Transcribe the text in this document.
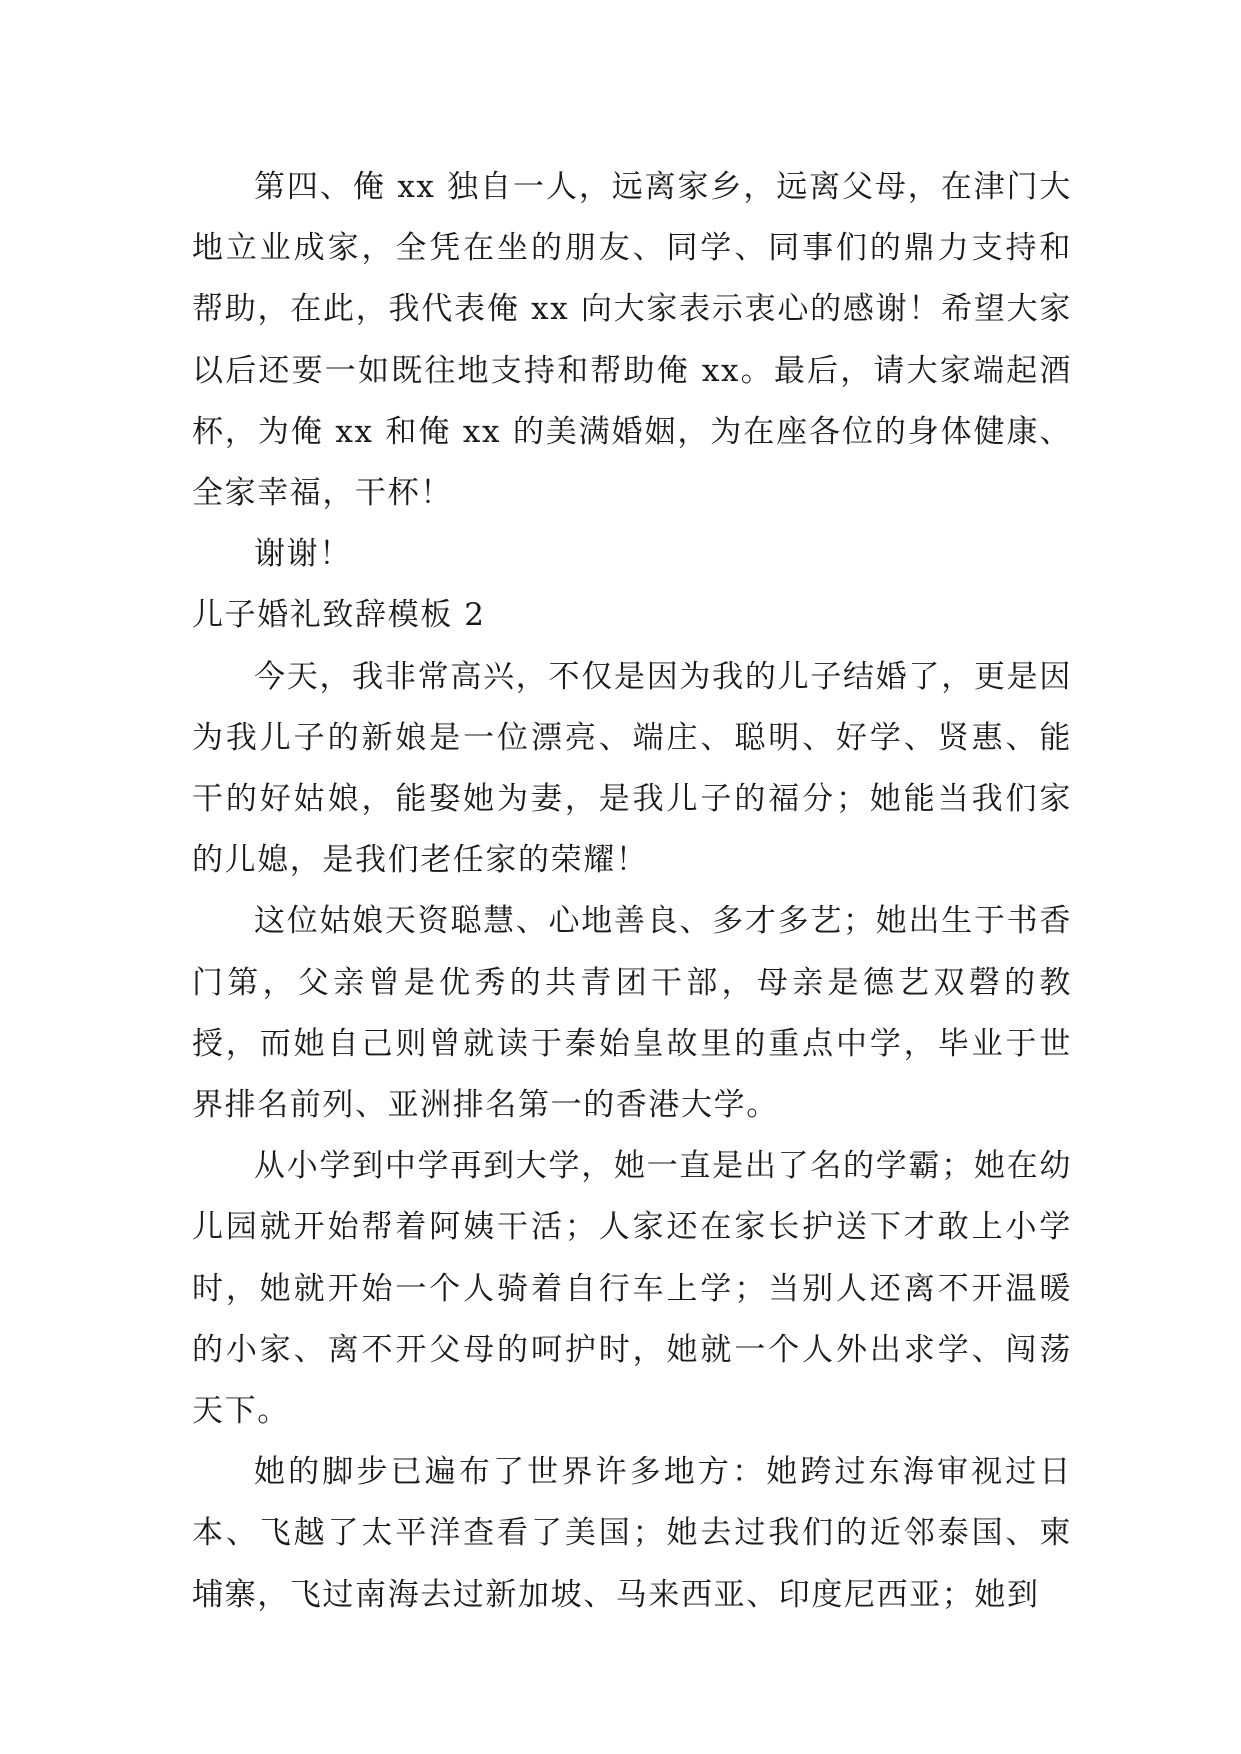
第四、俺 xx 独自一人，远离家乡，远离父母，在津门大地立业成家，全凭在坐的朋友、同学、同事们的鼎力支持和帮助，在此，我代表俺 xx 向大家表示衷心的感谢！希望大家以后还要一如既往地支持和帮助俺 xx。最后，请大家端起酒杯，为俺 xx 和俺 xx 的美满婚姻，为在座各位的身体健康、全家幸福，干杯！

谢谢！

儿子婚礼致辞模板 2

今天，我非常高兴，不仅是因为我的儿子结婚了，更是因为我儿子的新娘是一位漂亮、端庄、聪明、好学、贤惠、能干的好姑娘，能娶她为妻，是我儿子的福分；她能当我们家的儿媳，是我们老任家的荣耀！

这位姑娘天资聪慧、心地善良、多才多艺；她出生于书香门第，父亲曾是优秀的共青团干部，母亲是德艺双磬的教授，而她自己则曾就读于秦始皇故里的重点中学，毕业于世界排名前列、亚洲排名第一的香港大学。

从小学到中学再到大学，她一直是出了名的学霸；她在幼儿园就开始帮着阿姨干活；人家还在家长护送下才敢上小学时，她就开始一个人骑着自行车上学；当别人还离不开温暖的小家、离不开父母的呵护时，她就一个人外出求学、闯荡天下。

她的脚步已遍布了世界许多地方：她跨过东海审视过日本、飞越了太平洋查看了美国；她去过我们的近邻泰国、柬埔寨，飞过南海去过新加坡、马来西亚、印度尼西亚；她到
